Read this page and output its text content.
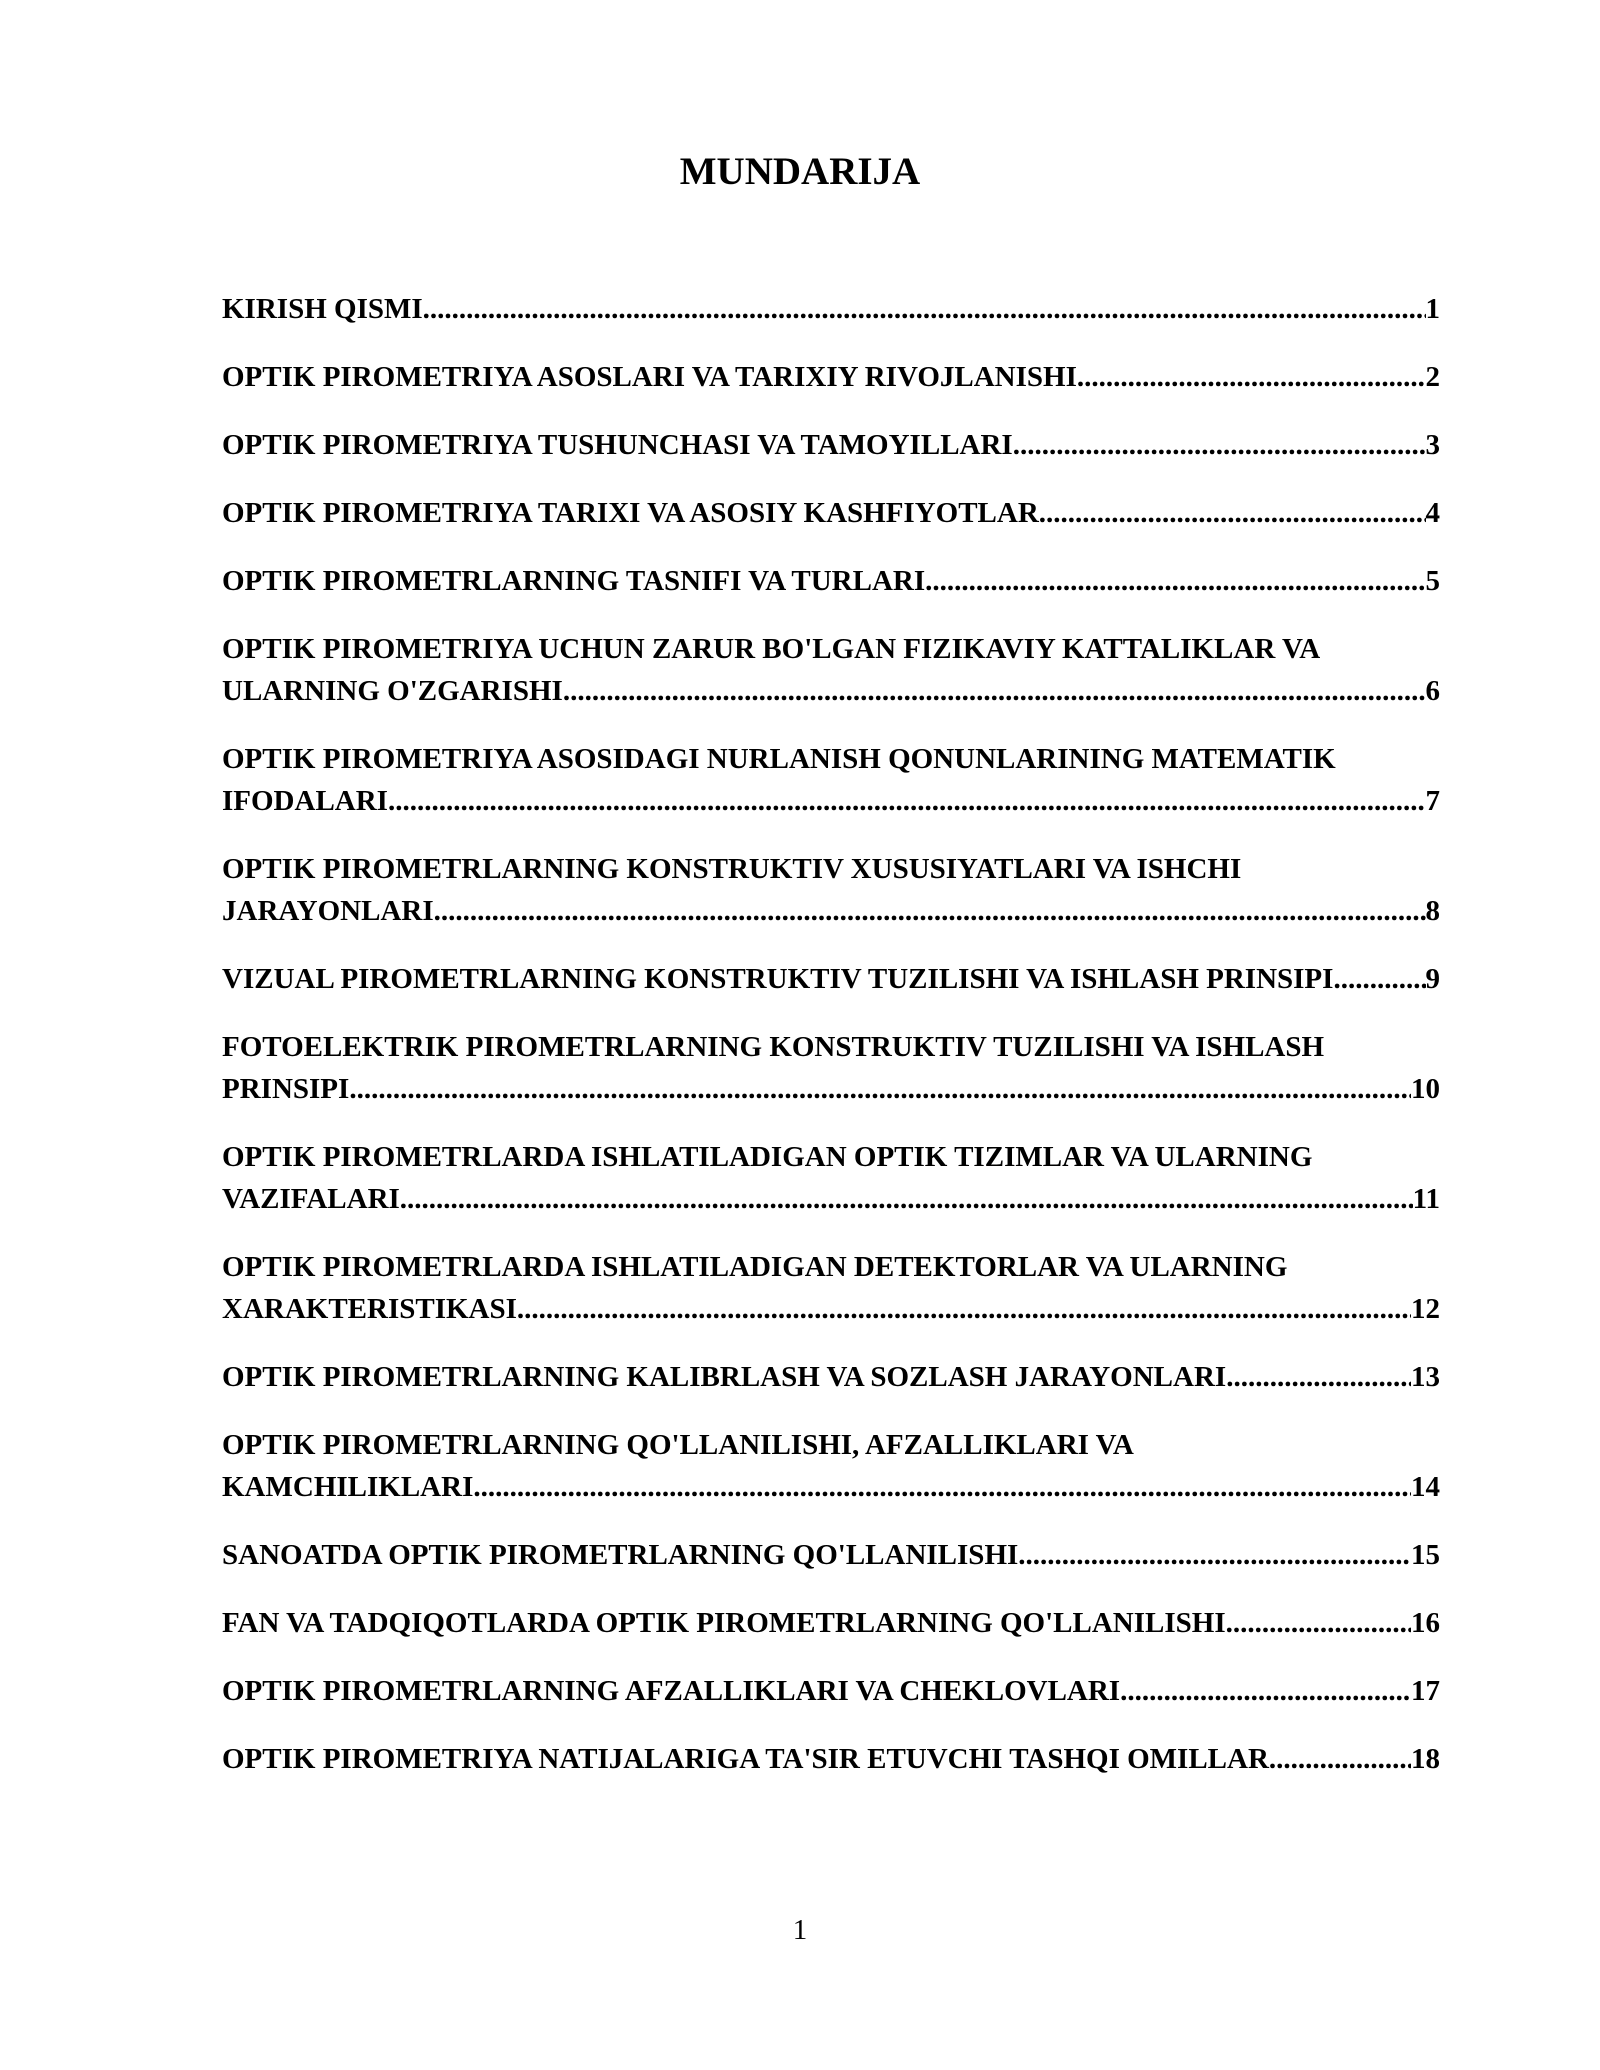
MUNDARIJA
KIRISH QISMI .....	1
OPTIK PIROMETRIYA ASOSLARI VA TARIXIY RIVOJLANISHI .....	2
OPTIK PIROMETRIYA TUSHUNCHASI VA TAMOYILLARI .....	3
OPTIK PIROMETRIYA TARIXI VA ASOSIY KASHFIYOTLAR .....	4
OPTIK PIROMETRLARNING TASNIFI VA TURLARI .....	5
OPTIK PIROMETRIYA UCHUN ZARUR BO'LGAN FIZIKAVIY KATTALIKLAR VA
ULARNING O'ZGARISHI .....	6
OPTIK PIROMETRIYA ASOSIDAGI NURLANISH QONUNLARINING MATEMATIK
IFODALARI .....	7
OPTIK PIROMETRLARNING KONSTRUKTIV XUSUSIYATLARI VA ISHCHI
JARAYONLARI .....	8
VIZUAL PIROMETRLARNING KONSTRUKTIV TUZILISHI VA ISHLASH PRINSIPI .....	9
FOTOELEKTRIK PIROMETRLARNING KONSTRUKTIV TUZILISHI VA ISHLASH
PRINSIPI .....	10
OPTIK PIROMETRLARDA ISHLATILADIGAN OPTIK TIZIMLAR VA ULARNING
VAZIFALARI .....	11
OPTIK PIROMETRLARDA ISHLATILADIGAN DETEKTORLAR VA ULARNING
XARAKTERISTIKASI .....	12
OPTIK PIROMETRLARNING KALIBRLASH VA SOZLASH JARAYONLARI .....	13
OPTIK PIROMETRLARNING QO'LLANILISHI, AFZALLIKLARI VA
KAMCHILIKLARI .....	14
SANOATDA OPTIK PIROMETRLARNING QO'LLANILISHI .....	15
FAN VA TADQIQOTLARDA OPTIK PIROMETRLARNING QO'LLANILISHI .....	16
OPTIK PIROMETRLARNING AFZALLIKLARI VA CHEKLOVLARI .....	17
OPTIK PIROMETRIYA NATIJALARIGA TA'SIR ETUVCHI TASHQI OMILLAR. .....	18
1
